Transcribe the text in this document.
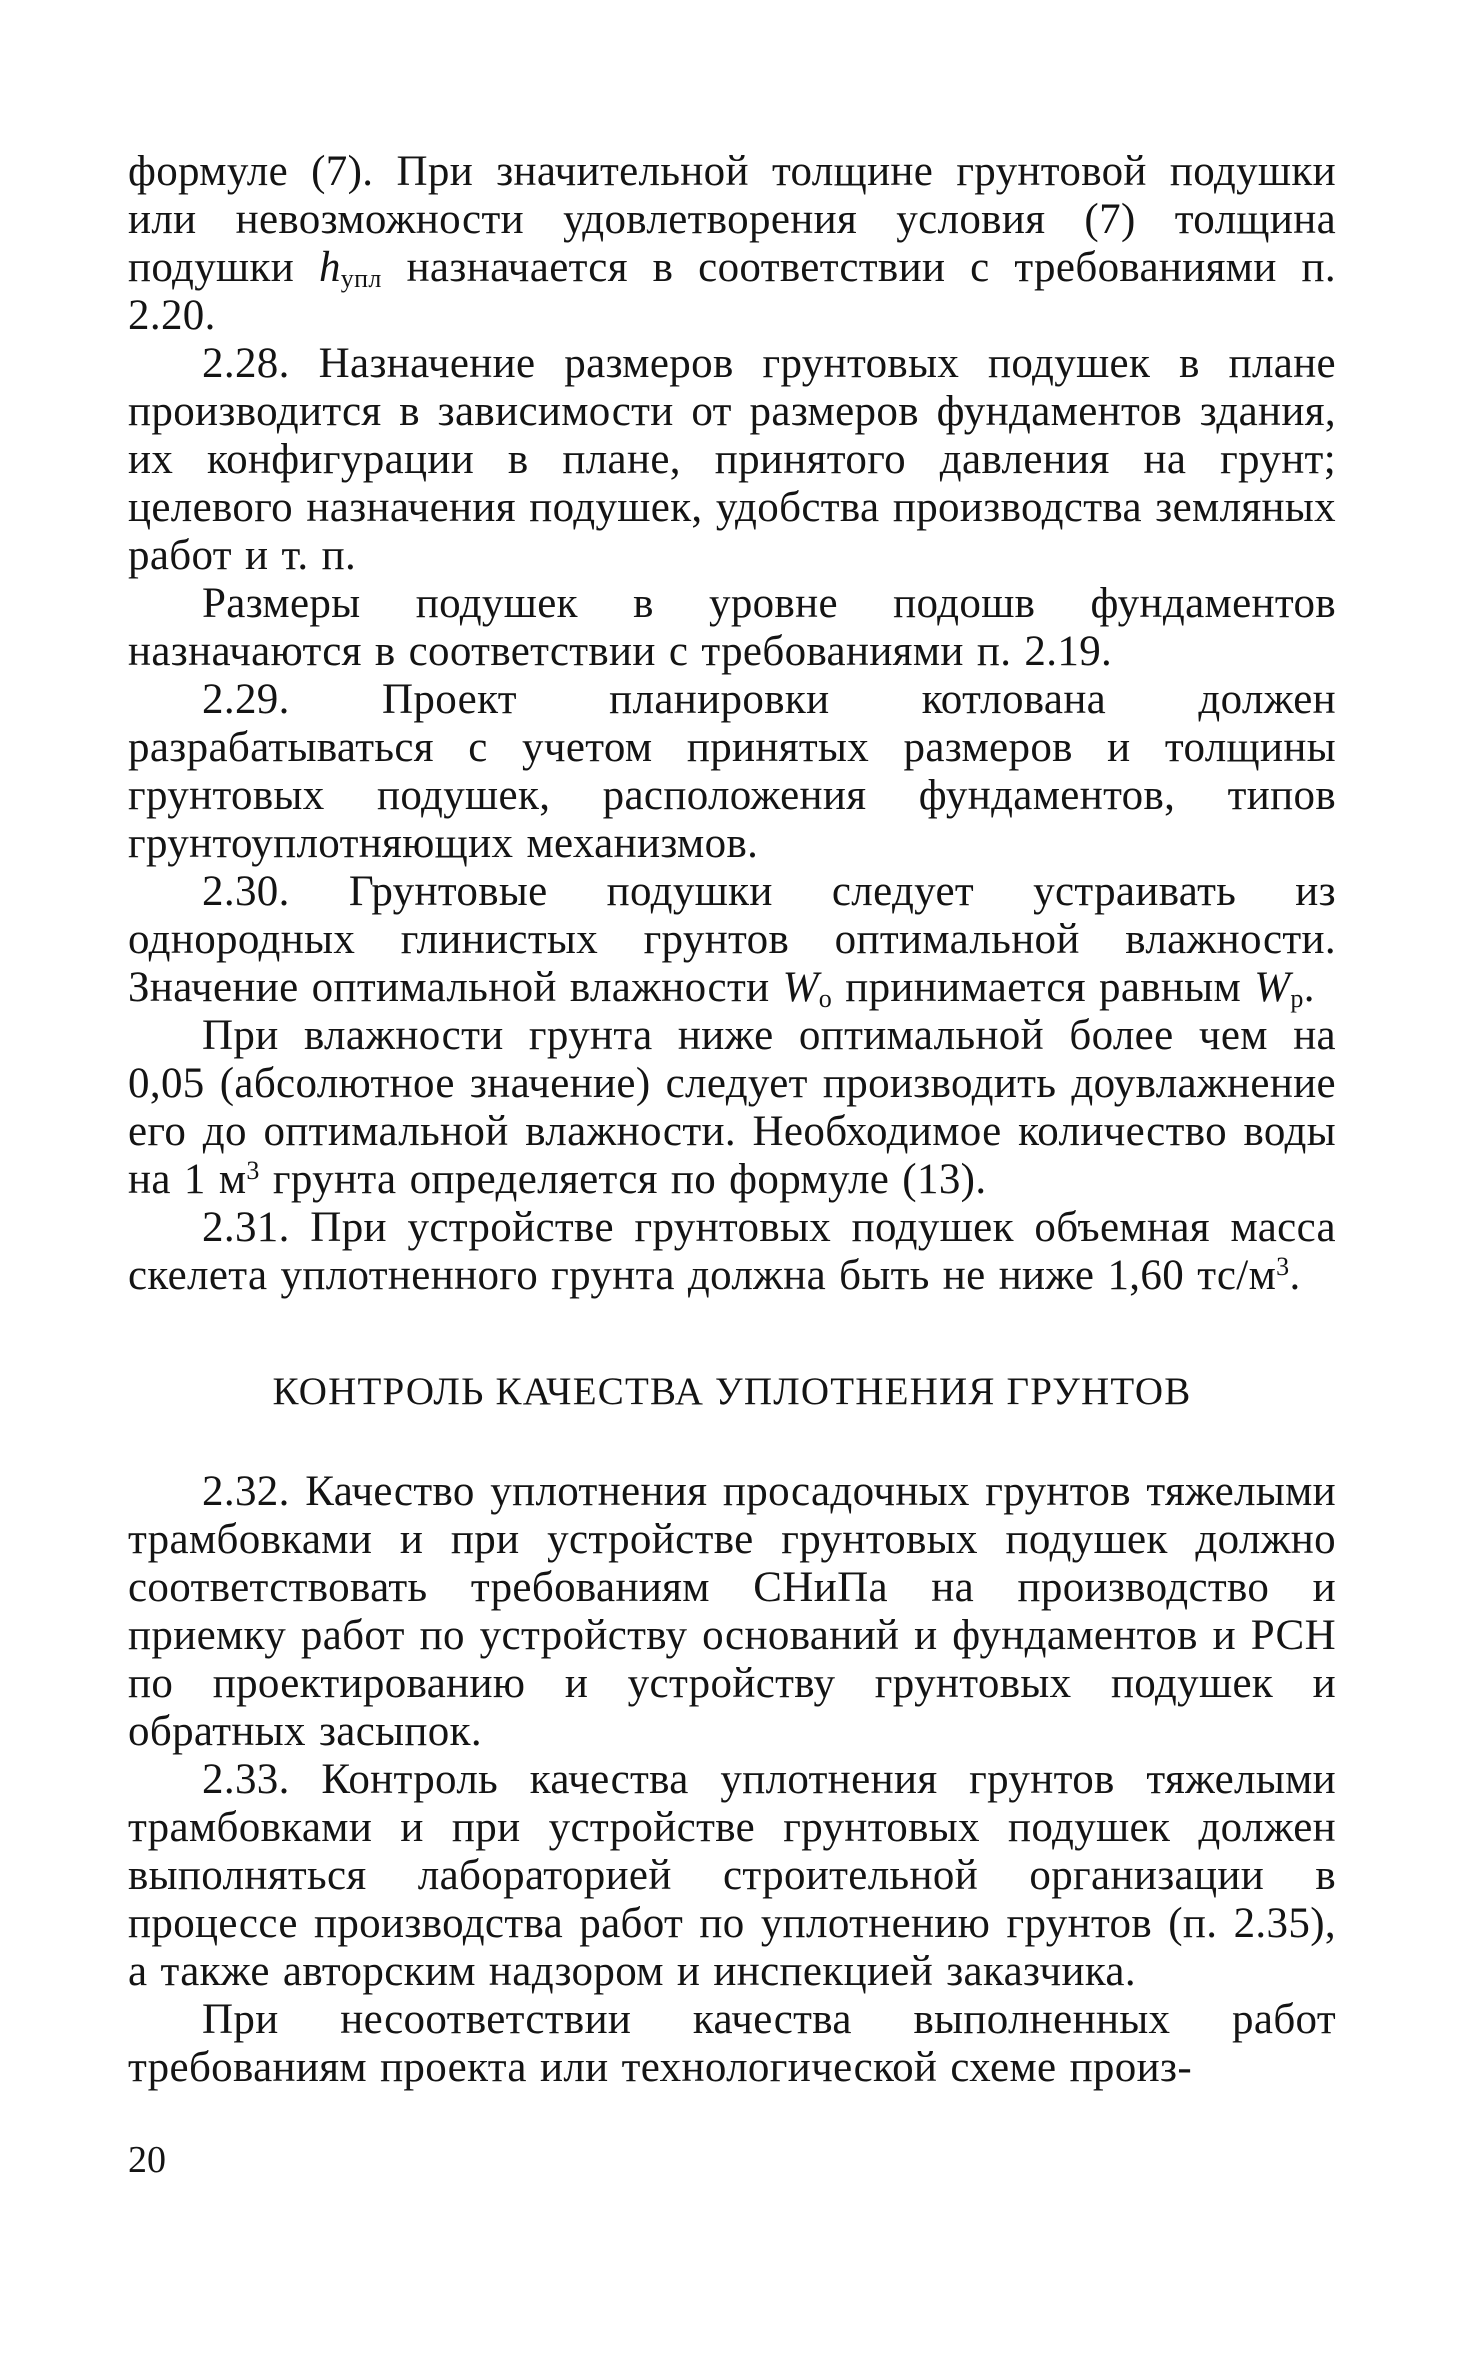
формуле (7). При значительной толщине грунтовой подушки или невозможности удовлетворения условия (7) толщина подушки $h_{упл}$ назначается в соответствии с требованиями п. 2.20.

2.28. Назначение размеров грунтовых подушек в плане производится в зависимости от размеров фундаментов здания, их конфигурации в плане, принятого давления на грунт; целевого назначения подушек, удобства производства земляных работ и т. п.

Размеры подушек в уровне подошв фундаментов назначаются в соответствии с требованиями п. 2.19.

2.29. Проект планировки котлована должен разрабатываться с учетом принятых размеров и толщины грунтовых подушек, расположения фундаментов, типов грунтоуплотняющих механизмов.

2.30. Грунтовые подушки следует устраивать из однородных глинистых грунтов оптимальной влажности. Значение оптимальной влажности $W_o$ принимается равным $W_p$.

При влажности грунта ниже оптимальной более чем на 0,05 (абсолютное значение) следует производить доувлажнение его до оптимальной влажности. Необходимое количество воды на 1 $м^3$ грунта определяется по формуле (13).

2.31. При устройстве грунтовых подушек объемная масса скелета уплотненного грунта должна быть не ниже 1,60 $тс/м^3$.

КОНТРОЛЬ КАЧЕСТВА УПЛОТНЕНИЯ ГРУНТОВ

2.32. Качество уплотнения просадочных грунтов тяжелыми трамбовками и при устройстве грунтовых подушек должно соответствовать требованиям СНиПа на производство и приемку работ по устройству оснований и фундаментов и РСН по проектированию и устройству грунтовых подушек и обратных засыпок.

2.33. Контроль качества уплотнения грунтов тяжелыми трамбовками и при устройстве грунтовых подушек должен выполняться лабораторией строительной организации в процессе производства работ по уплотнению грунтов (п. 2.35), а также авторским надзором и инспекцией заказчика.

При несоответствии качества выполненных работ требованиям проекта или технологической схеме произ-

20
